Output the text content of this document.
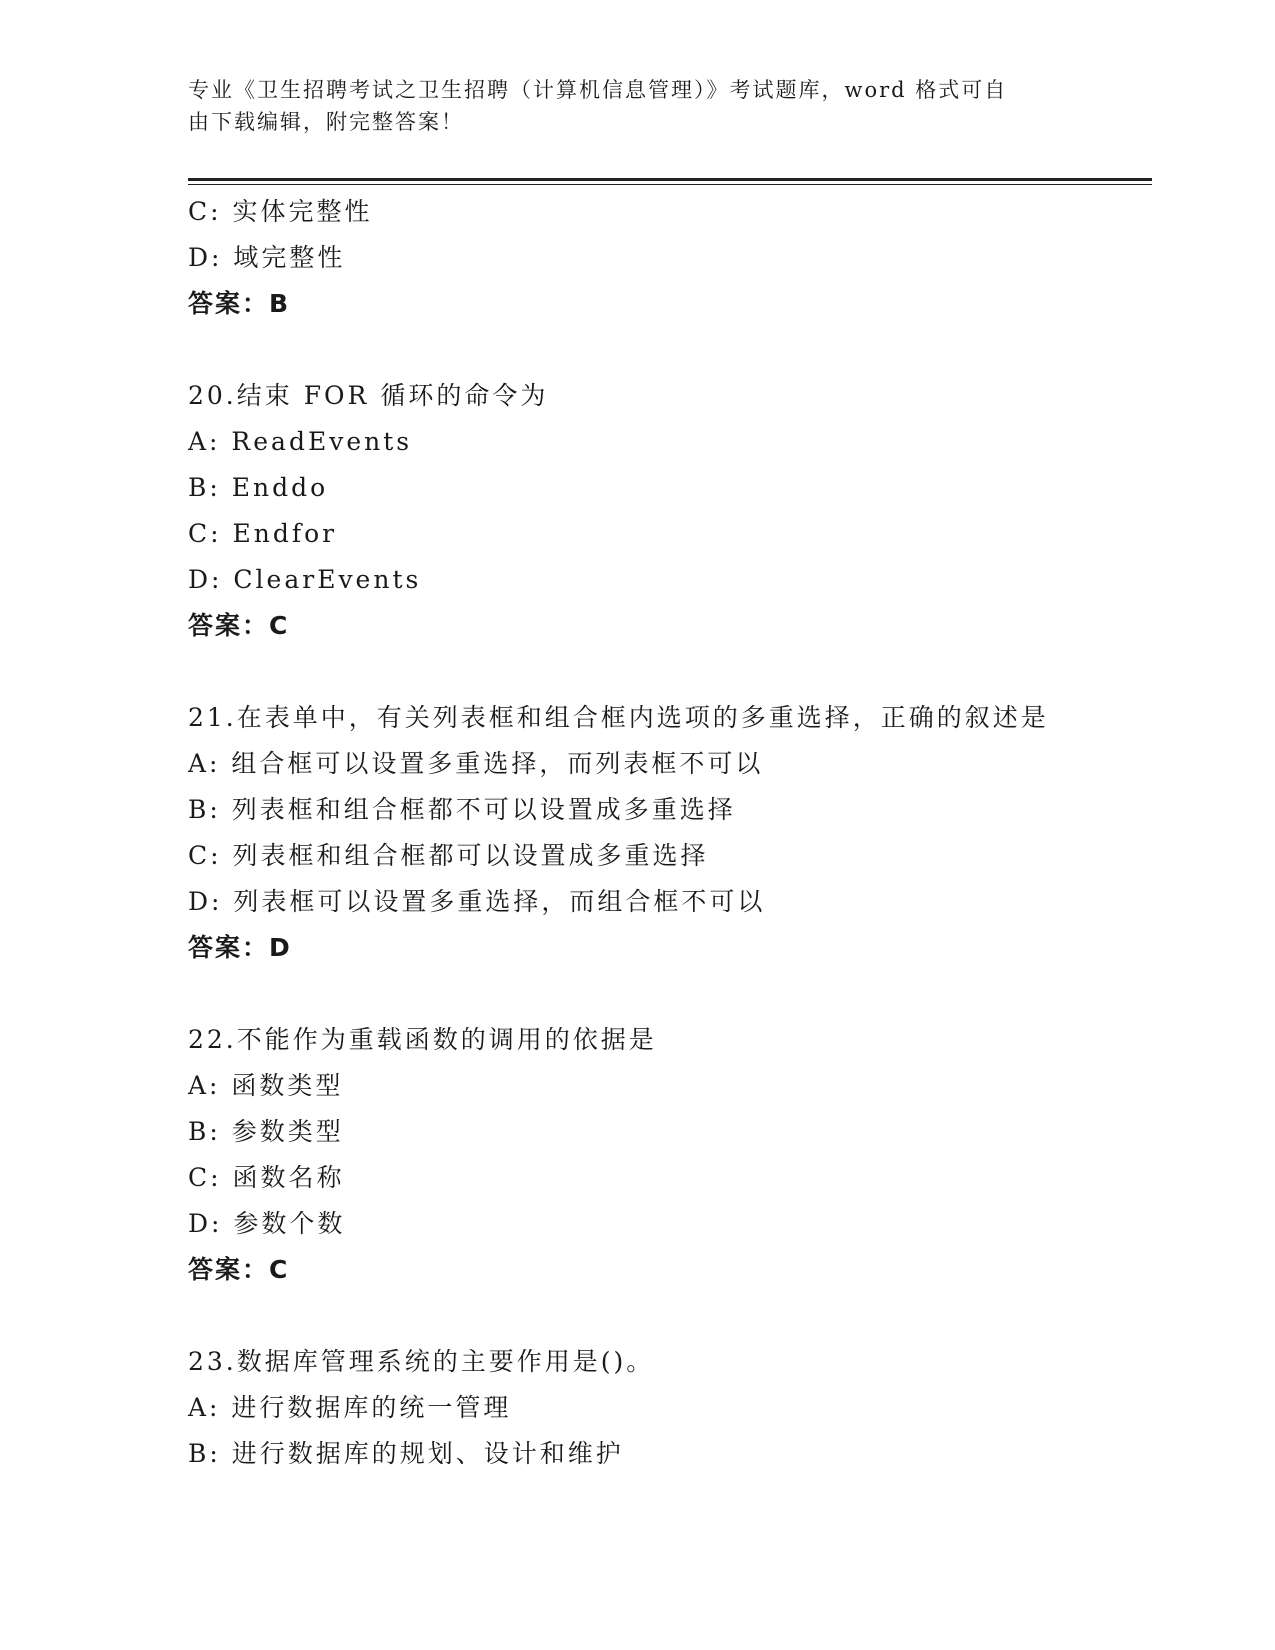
专业《卫生招聘考试之卫生招聘（计算机信息管理）》考试题库，word 格式可自
由下载编辑，附完整答案！
C: 实体完整性
D: 域完整性
答案：B
20.结束 FOR 循环的命令为
A: ReadEvents
B: Enddo
C: Endfor
D: ClearEvents
答案：C
21.在表单中，有关列表框和组合框内选项的多重选择，正确的叙述是
A: 组合框可以设置多重选择，而列表框不可以
B: 列表框和组合框都不可以设置成多重选择
C: 列表框和组合框都可以设置成多重选择
D: 列表框可以设置多重选择，而组合框不可以
答案：D
22.不能作为重载函数的调用的依据是
A: 函数类型
B: 参数类型
C: 函数名称
D: 参数个数
答案：C
23.数据库管理系统的主要作用是()。
A: 进行数据库的统一管理
B: 进行数据库的规划、设计和维护
